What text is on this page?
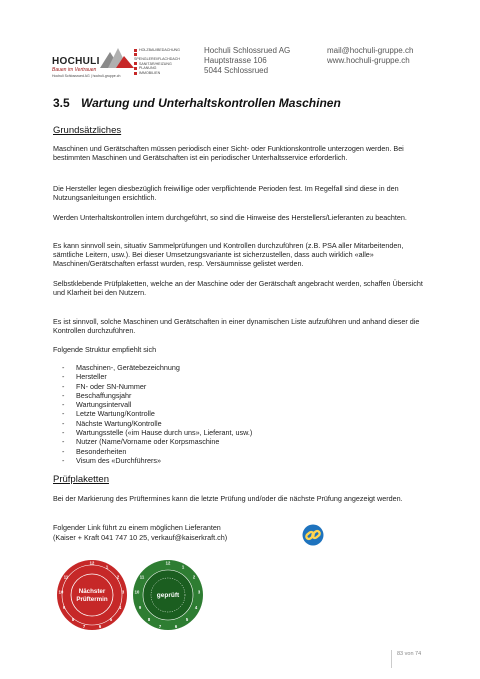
HOCHULI
Bauen im Vertrauen
Hochuli Schlossrued AG | hochuli-gruppe.ch
HOLZBAU/BEDACHUNG
SPENGLEREI/FLACHDACH
SANITÄR/HEIZUNG
PLANUNG
IMMOBILIEN
Hochuli Schlossrued AG
Hauptstrasse 106
5044 Schlossrued
mail@hochuli-gruppe.ch
www.hochuli-gruppe.ch
3.5 Wartung und Unterhaltskontrollen Maschinen
Grundsätzliches
Maschinen und Gerätschaften müssen periodisch einer Sicht- oder Funktionskontrolle unterzogen werden. Bei bestimmten Maschinen und Gerätschaften ist ein periodischer Unterhaltsservice erforderlich.
Die Hersteller legen diesbezüglich freiwillige oder verpflichtende Perioden fest. Im Regelfall sind diese in den Nutzungsanleitungen ersichtlich.
Werden Unterhaltskontrollen intern durchgeführt, so sind die Hinweise des Herstellers/Lieferanten zu beachten.
Es kann sinnvoll sein, situativ Sammelprüfungen und Kontrollen durchzuführen (z.B. PSA aller Mitarbeitenden, sämtliche Leitern, usw.). Bei dieser Umsetzungsvariante ist sicherzustellen, dass auch wirklich «alle» Maschinen/Gerätschaften erfasst wurden, resp. Versäumnisse gelistet werden.
Selbstklebende Prüfplaketten, welche an der Maschine oder der Gerätschaft angebracht werden, schaffen Übersicht und Klarheit bei den Nutzern.
Es ist sinnvoll, solche Maschinen und Gerätschaften in einer dynamischen Liste aufzuführen und anhand dieser die Kontrollen durchzuführen.
Folgende Struktur empfiehlt sich
- Maschinen-, Gerätebezeichnung
- Hersteller
- FN- oder SN-Nummer
- Beschaffungsjahr
- Wartungsintervall
- Letzte Wartung/Kontrolle
- Nächste Wartung/Kontrolle
- Wartungsstelle («im Hause durch uns», Lieferant, usw.)
- Nutzer (Name/Vorname oder Korpsmaschine
- Besonderheiten
- Visum des «Durchführers»
Prüfplaketten
Bei der Markierung des Prüftermines kann die letzte Prüfung und/oder die nächste Prüfung angezeigt werden.
Folgender Link führt zu einem möglichen Lieferanten
(Kaiser + Kraft 041 747 10 25, verkauf@kaiserkraft.ch)
12
1
2
3
4
5
6
7
8
9
10
11
Nächster
Prüftermin
12
1
2
3
4
5
6
7
8
9
10
11
geprüft
83 von 74
